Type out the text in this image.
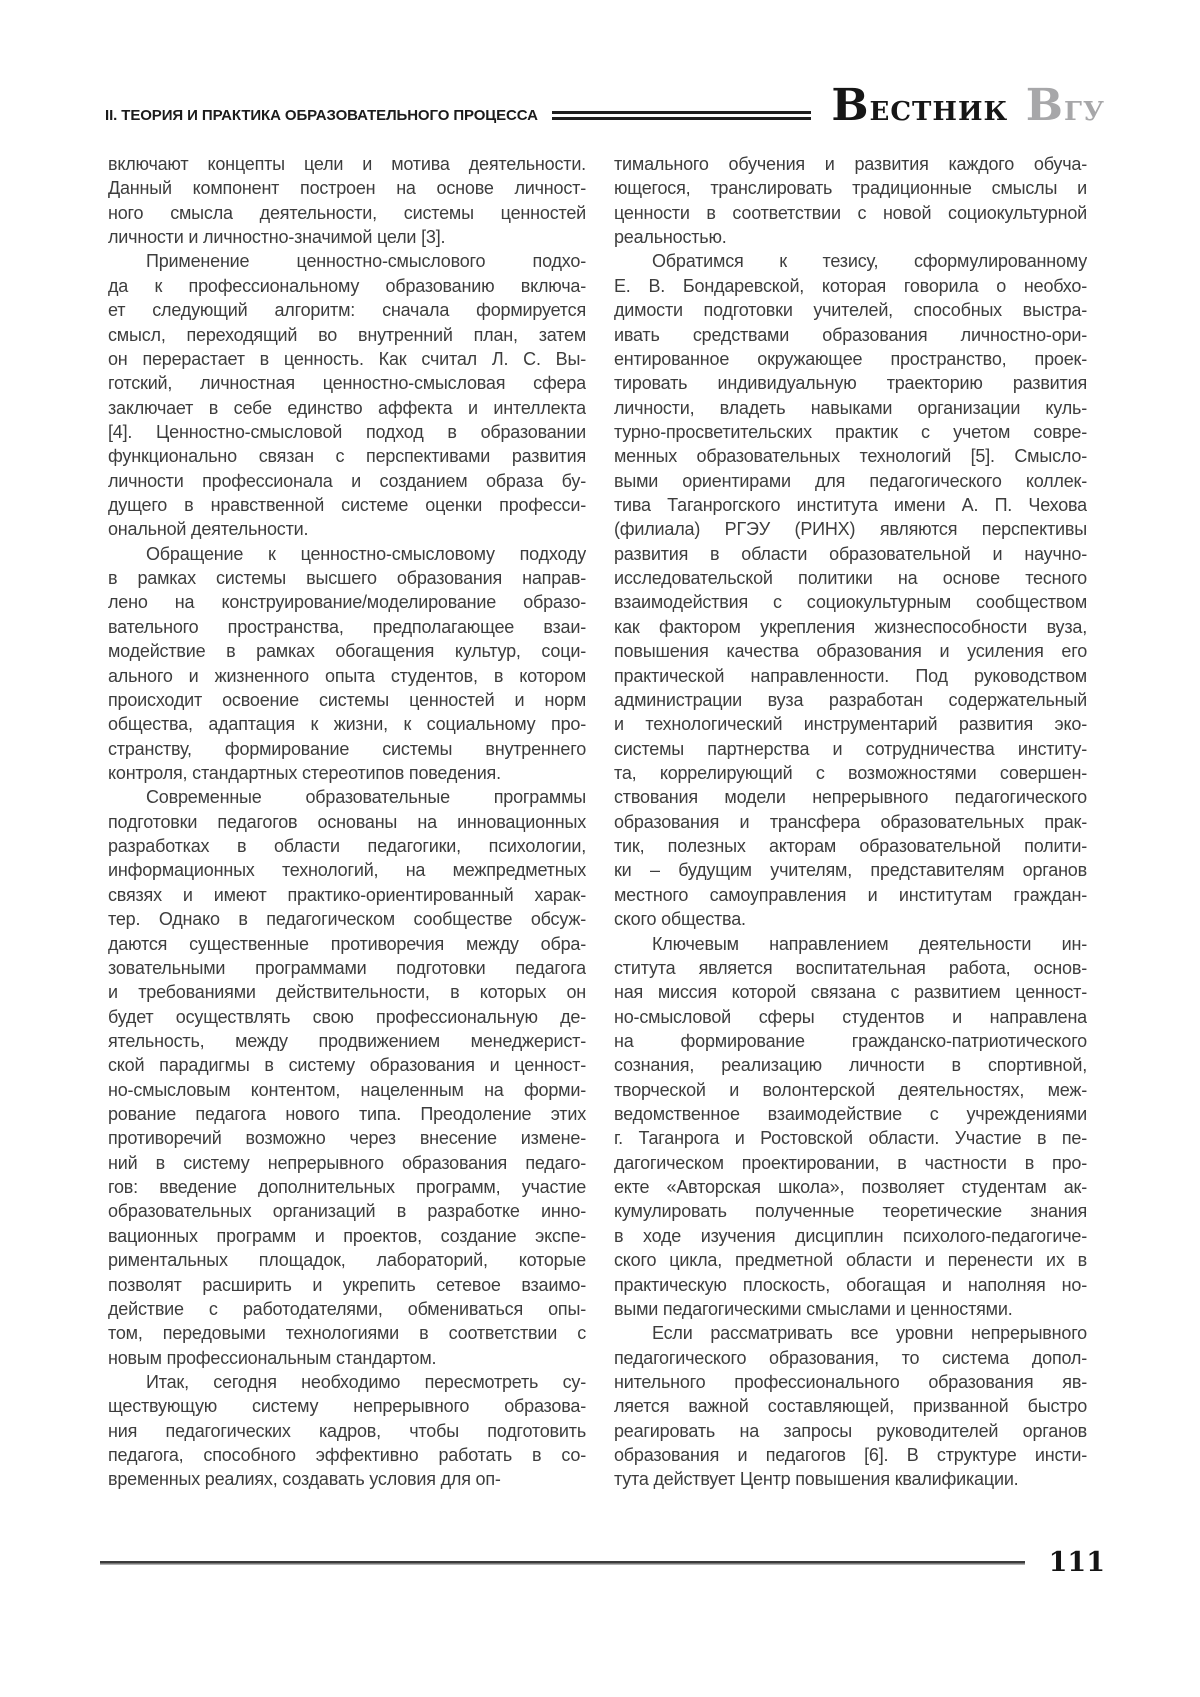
II. ТЕОРИЯ И ПРАКТИКА ОБРАЗОВАТЕЛЬНОГО ПРОЦЕССА	ВЕСТНИК ВГУ
включают концепты цели и мотива деятельности.
Данный компонент построен на основе личност-
ного смысла деятельности, системы ценностей
личности и личностно-значимой цели [3].
Применение ценностно-смыслового подхо-
да к профессиональному образованию включа-
ет следующий алгоритм: сначала формируется
смысл, переходящий во внутренний план, затем
он перерастает в ценность. Как считал Л. С. Вы-
готский, личностная ценностно-смысловая сфера
заключает в себе единство аффекта и интеллекта
[4]. Ценностно-смысловой подход в образовании
функционально связан с перспективами развития
личности профессионала и созданием образа бу-
дущего в нравственной системе оценки професси-
ональной деятельности.
Обращение к ценностно-смысловому подходу
в рамках системы высшего образования направ-
лено на конструирование/моделирование образо-
вательного пространства, предполагающее взаи-
модействие в рамках обогащения культур, соци-
ального и жизненного опыта студентов, в котором
происходит освоение системы ценностей и норм
общества, адаптация к жизни, к социальному про-
странству, формирование системы внутреннего
контроля, стандартных стереотипов поведения.
Современные образовательные программы
подготовки педагогов основаны на инновационных
разработках в области педагогики, психологии,
информационных технологий, на межпредметных
связях и имеют практико-ориентированный харак-
тер. Однако в педагогическом сообществе обсуж-
даются существенные противоречия между обра-
зовательными программами подготовки педагога
и требованиями действительности, в которых он
будет осуществлять свою профессиональную де-
ятельность, между продвижением менеджерист-
ской парадигмы в систему образования и ценност-
но-смысловым контентом, нацеленным на форми-
рование педагога нового типа. Преодоление этих
противоречий возможно через внесение измене-
ний в систему непрерывного образования педаго-
гов: введение дополнительных программ, участие
образовательных организаций в разработке инно-
вационных программ и проектов, создание экспе-
риментальных площадок, лабораторий, которые
позволят расширить и укрепить сетевое взаимо-
действие с работодателями, обмениваться опы-
том, передовыми технологиями в соответствии с
новым профессиональным стандартом.
Итак, сегодня необходимо пересмотреть су-
ществующую систему непрерывного образова-
ния педагогических кадров, чтобы подготовить
педагога, способного эффективно работать в со-
временных реалиях, создавать условия для оп-
тимального обучения и развития каждого обуча-
ющегося, транслировать традиционные смыслы и
ценности в соответствии с новой социокультурной
реальностью.
Обратимся к тезису, сформулированному
Е. В. Бондаревской, которая говорила о необхо-
димости подготовки учителей, способных выстра-
ивать средствами образования личностно-ори-
ентированное окружающее пространство, проек-
тировать индивидуальную траекторию развития
личности, владеть навыками организации куль-
турно-просветительских практик с учетом совре-
менных образовательных технологий [5]. Смысло-
выми ориентирами для педагогического коллек-
тива Таганрогского института имени А. П. Чехова
(филиала) РГЭУ (РИНХ) являются перспективы
развития в области образовательной и научно-
исследовательской политики на основе тесного
взаимодействия с социокультурным сообществом
как фактором укрепления жизнеспособности вуза,
повышения качества образования и усиления его
практической направленности. Под руководством
администрации вуза разработан содержательный
и технологический инструментарий развития эко-
системы партнерства и сотрудничества институ-
та, коррелирующий с возможностями совершен-
ствования модели непрерывного педагогического
образования и трансфера образовательных прак-
тик, полезных акторам образовательной полити-
ки – будущим учителям, представителям органов
местного самоуправления и институтам граждан-
ского общества.
Ключевым направлением деятельности ин-
ститута является воспитательная работа, основ-
ная миссия которой связана с развитием ценност-
но-смысловой сферы студентов и направлена
на формирование гражданско-патриотического
сознания, реализацию личности в спортивной,
творческой и волонтерской деятельностях, меж-
ведомственное взаимодействие с учреждениями
г. Таганрога и Ростовской области. Участие в пе-
дагогическом проектировании, в частности в про-
екте «Авторская школа», позволяет студентам ак-
кумулировать полученные теоретические знания
в ходе изучения дисциплин психолого-педагогиче-
ского цикла, предметной области и перенести их в
практическую плоскость, обогащая и наполняя но-
выми педагогическими смыслами и ценностями.
Если рассматривать все уровни непрерывного
педагогического образования, то система допол-
нительного профессионального образования яв-
ляется важной составляющей, призванной быстро
реагировать на запросы руководителей органов
образования и педагогов [6]. В структуре инсти-
тута действует Центр повышения квалификации.
111
